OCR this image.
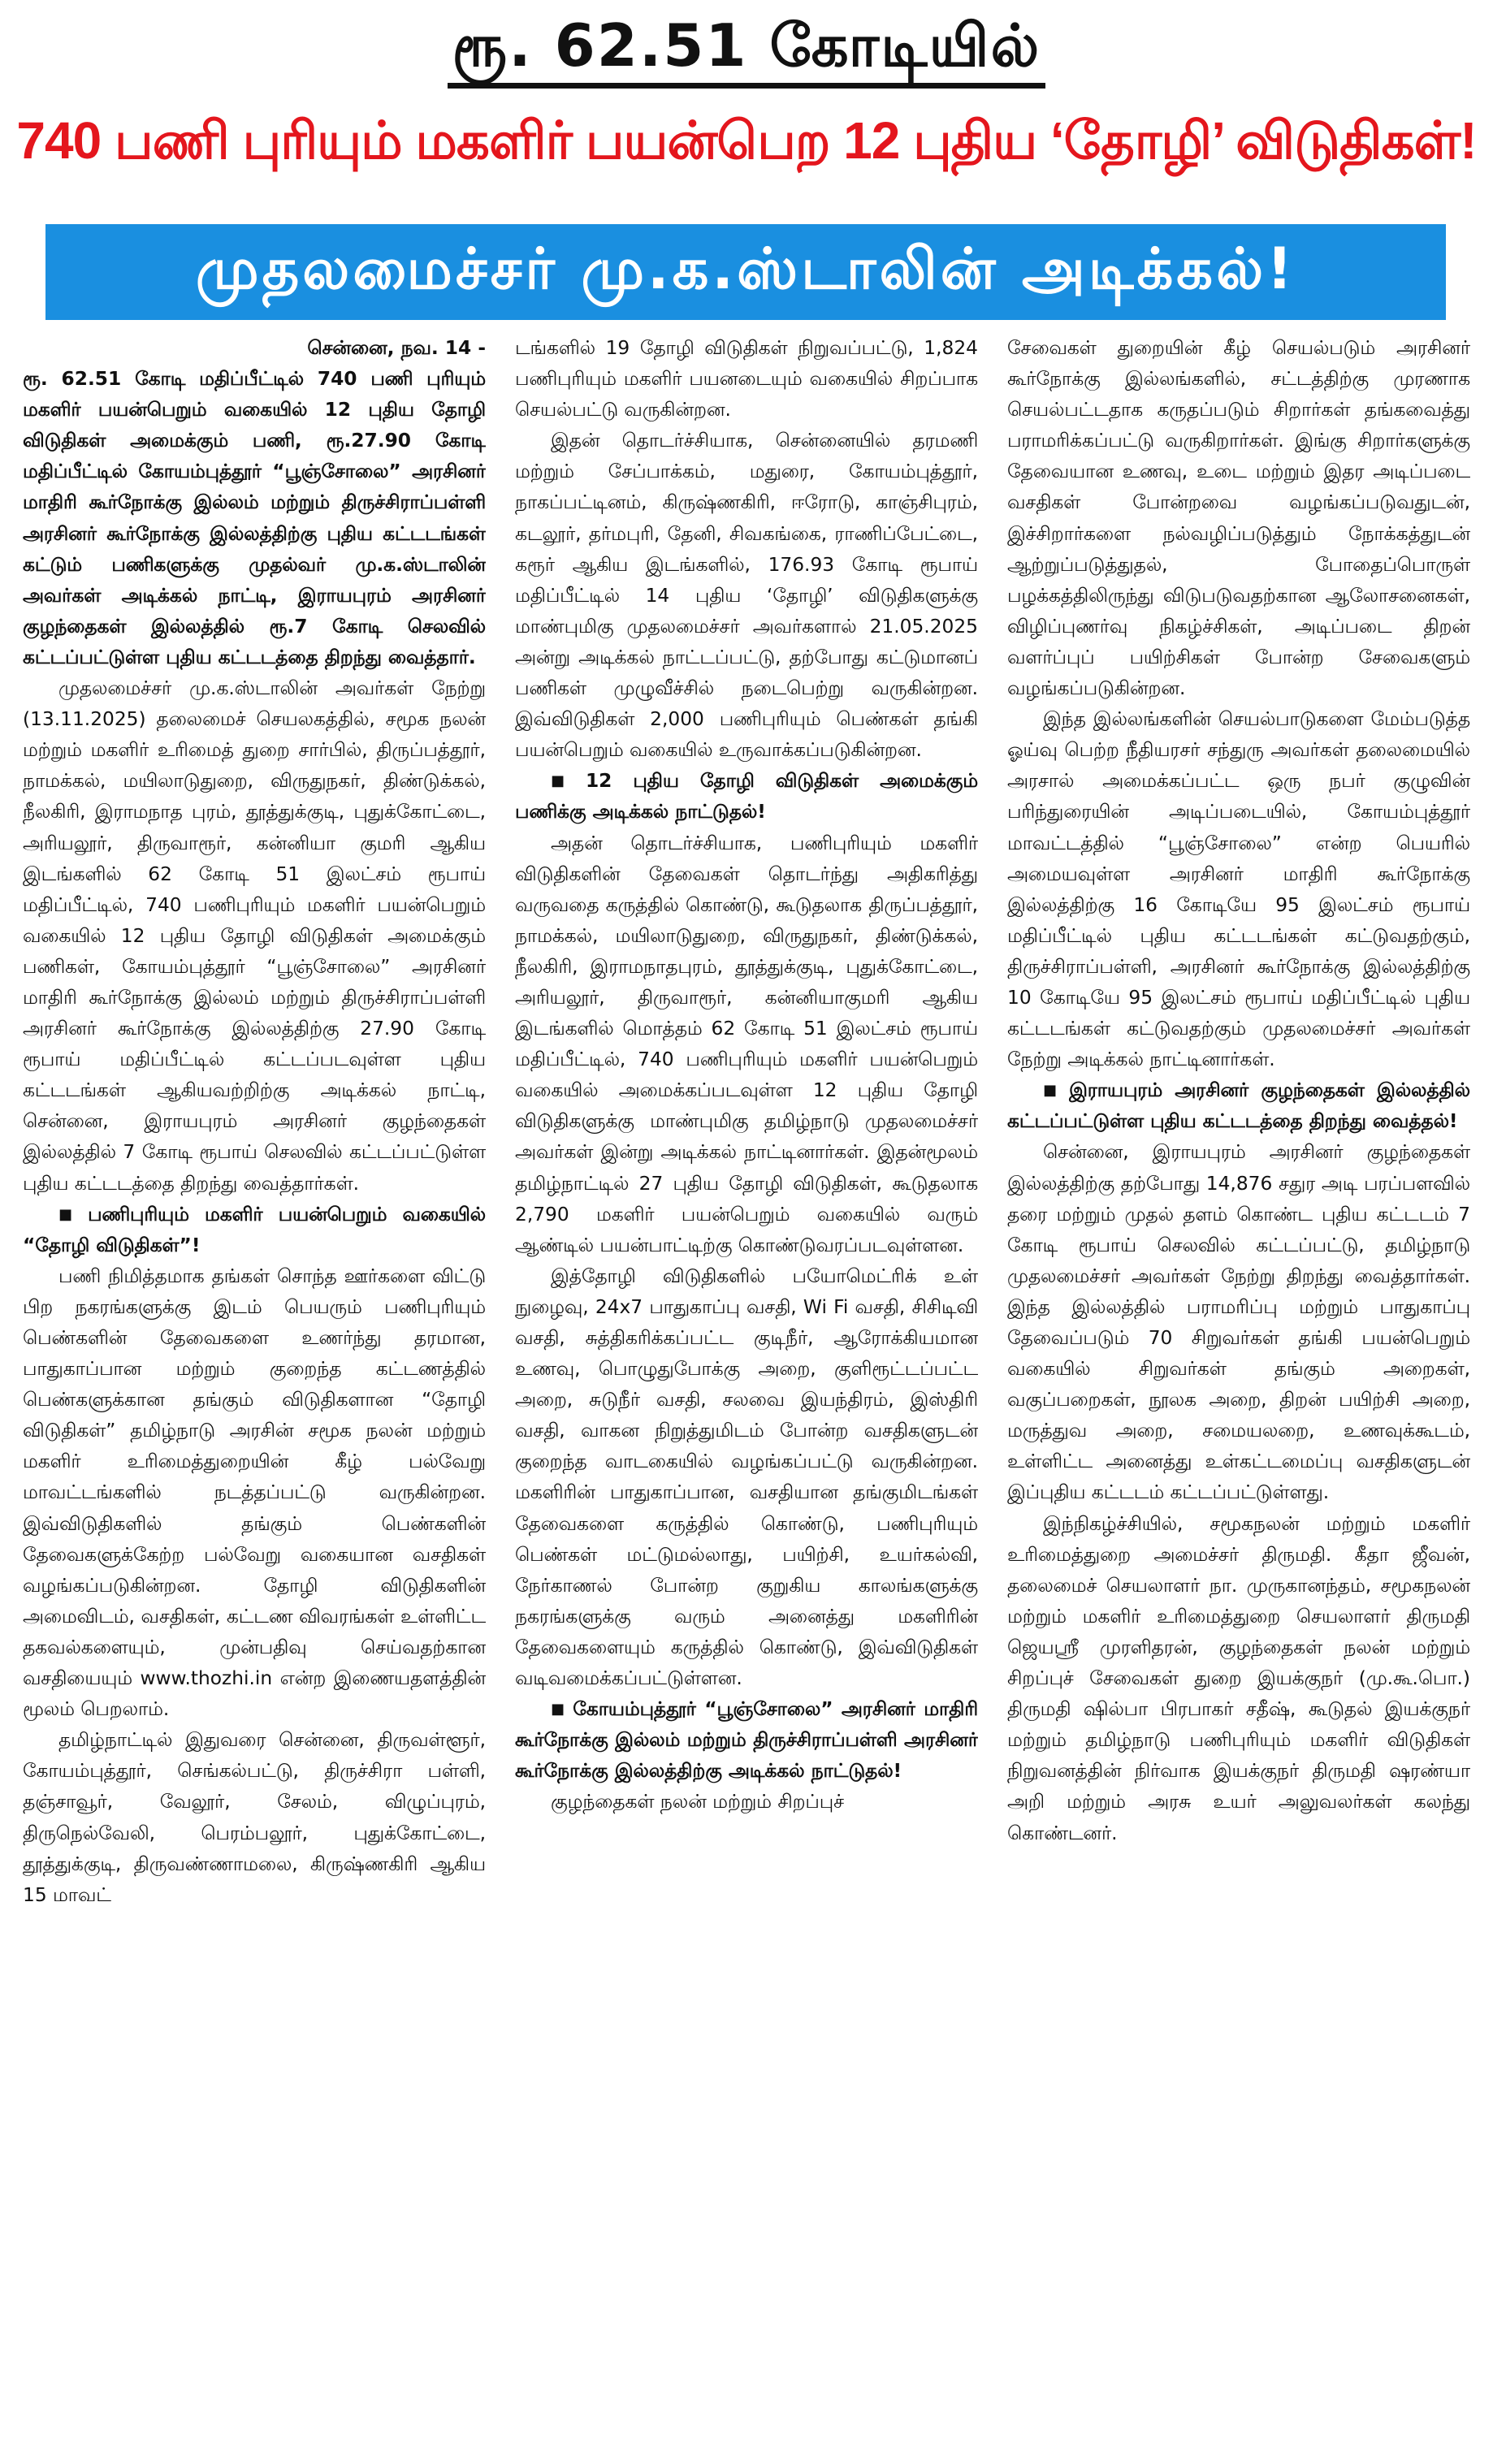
ரூ. 62.51 கோடியில்
740 பணி புரியும் மகளிர் பயன்பெற 12 புதிய ‘தோழி’ விடுதிகள்!
முதலமைச்சர் மு.க.ஸ்டாலின் அடிக்கல்!

சென்னை, நவ. 14 -

ரூ. 62.51 கோடி மதிப்பீட்டில் 740 பணி புரியும் மகளிர் பயன்பெறும் வகையில் 12 புதிய தோழி விடுதிகள் அமைக்கும் பணி, ரூ.27.90 கோடி மதிப்பீட்டில் கோயம்புத்தூர் “பூஞ்சோலை” அரசினர் மாதிரி கூர்நோக்கு இல்லம் மற்றும் திருச்சிராப்பள்ளி அரசினர் கூர்நோக்கு இல்லத்திற்கு புதிய கட்டடங்கள் கட்டும் பணிகளுக்கு முதல்வர் மு.க.ஸ்டாலின் அவர்கள் அடிக்கல் நாட்டி, இராயபுரம் அரசினர் குழந்தைகள் இல்லத்தில் ரூ.7 கோடி செலவில் கட்டப்பட்டுள்ள புதிய கட்டடத்தை திறந்து வைத்தார்.

முதலமைச்சர் மு.க.ஸ்டாலின் அவர்கள் நேற்று (13.11.2025) தலைமைச் செயலகத்தில், சமூக நலன் மற்றும் மகளிர் உரிமைத் துறை சார்பில், திருப்பத்தூர், நாமக்கல், மயிலாடுதுறை, விருதுநகர், திண்டுக்கல், நீலகிரி, இராமநாத புரம், தூத்துக்குடி, புதுக்கோட்டை, அரியலூர், திருவாரூர், கன்னியா குமரி ஆகிய இடங்களில் 62 கோடி 51 இலட்சம் ரூபாய் மதிப்பீட்டில், 740 பணிபுரியும் மகளிர் பயன்பெறும் வகையில் 12 புதிய தோழி விடுதிகள் அமைக்கும் பணிகள், கோயம்புத்தூர் “பூஞ்சோலை” அரசினர் மாதிரி கூர்நோக்கு இல்லம் மற்றும் திருச்சிராப்பள்ளி அரசினர் கூர்நோக்கு இல்லத்திற்கு 27.90 கோடி ரூபாய் மதிப்பீட்டில் கட்டப்படவுள்ள புதிய கட்டடங்கள் ஆகியவற்றிற்கு அடிக்கல் நாட்டி, சென்னை, இராயபுரம் அரசினர் குழந்தைகள் இல்லத்தில் 7 கோடி ரூபாய் செலவில் கட்டப்பட்டுள்ள புதிய கட்டடத்தை திறந்து வைத்தார்கள்.

■ பணிபுரியும் மகளிர் பயன்பெறும் வகையில் “தோழி விடுதிகள்”!

பணி நிமித்தமாக தங்கள் சொந்த ஊர்களை விட்டு பிற நகரங்களுக்கு இடம் பெயரும் பணிபுரியும் பெண்களின் தேவைகளை உணர்ந்து தரமான, பாதுகாப்பான மற்றும் குறைந்த கட்டணத்தில் பெண்களுக்கான தங்கும் விடுதிகளான “தோழி விடுதிகள்” தமிழ்நாடு அரசின் சமூக நலன் மற்றும் மகளிர் உரிமைத்துறையின் கீழ் பல்வேறு மாவட்டங்களில் நடத்தப்பட்டு வருகின்றன. இவ்விடுதிகளில் தங்கும் பெண்களின் தேவைகளுக்கேற்ற பல்வேறு வகையான வசதிகள் வழங்கப்படுகின்றன. தோழி விடுதிகளின் அமைவிடம், வசதிகள், கட்டண விவரங்கள் உள்ளிட்ட தகவல்களையும், முன்பதிவு செய்வதற்கான வசதியையும் www.thozhi.in என்ற இணையதளத்தின் மூலம் பெறலாம்.

தமிழ்நாட்டில் இதுவரை சென்னை, திருவள்ளூர், கோயம்புத்தூர், செங்கல்பட்டு, திருச்சிரா பள்ளி, தஞ்சாவூர், வேலூர், சேலம், விழுப்புரம், திருநெல்வேலி, பெரம்பலூர், புதுக்கோட்டை, தூத்துக்குடி, திருவண்ணாமலை, கிருஷ்ணகிரி ஆகிய 15 மாவட்

டங்களில் 19 தோழி விடுதிகள் நிறுவப்பட்டு, 1,824 பணிபுரியும் மகளிர் பயனடையும் வகையில் சிறப்பாக செயல்பட்டு வருகின்றன.

இதன் தொடர்ச்சியாக, சென்னையில் தரமணி மற்றும் சேப்பாக்கம், மதுரை, கோயம்புத்தூர், நாகப்பட்டினம், கிருஷ்ணகிரி, ஈரோடு, காஞ்சிபுரம், கடலூர், தர்மபுரி, தேனி, சிவகங்கை, ராணிப்பேட்டை, கரூர் ஆகிய இடங்களில், 176.93 கோடி ரூபாய் மதிப்பீட்டில் 14 புதிய ‘தோழி’ விடுதிகளுக்கு மாண்புமிகு முதலமைச்சர் அவர்களால் 21.05.2025 அன்று அடிக்கல் நாட்டப்பட்டு, தற்போது கட்டுமானப் பணிகள் முழுவீச்சில் நடைபெற்று வருகின்றன. இவ்விடுதிகள் 2,000 பணிபுரியும் பெண்கள் தங்கி பயன்பெறும் வகையில் உருவாக்கப்படுகின்றன.

■ 12 புதிய தோழி விடுதிகள் அமைக்கும் பணிக்கு அடிக்கல் நாட்டுதல்!

அதன் தொடர்ச்சியாக, பணிபுரியும் மகளிர் விடுதிகளின் தேவைகள் தொடர்ந்து அதிகரித்து வருவதை கருத்தில் கொண்டு, கூடுதலாக திருப்பத்தூர், நாமக்கல், மயிலாடுதுறை, விருதுநகர், திண்டுக்கல், நீலகிரி, இராமநாதபுரம், தூத்துக்குடி, புதுக்கோட்டை, அரியலூர், திருவாரூர், கன்னியாகுமரி ஆகிய இடங்களில் மொத்தம் 62 கோடி 51 இலட்சம் ரூபாய் மதிப்பீட்டில், 740 பணிபுரியும் மகளிர் பயன்பெறும் வகையில் அமைக்கப்படவுள்ள 12 புதிய தோழி விடுதிகளுக்கு மாண்புமிகு தமிழ்நாடு முதலமைச்சர் அவர்கள் இன்று அடிக்கல் நாட்டினார்கள். இதன்மூலம் தமிழ்நாட்டில் 27 புதிய தோழி விடுதிகள், கூடுதலாக 2,790 மகளிர் பயன்பெறும் வகையில் வரும் ஆண்டில் பயன்பாட்டிற்கு கொண்டுவரப்படவுள்ளன.

இத்தோழி விடுதிகளில் பயோமெட்ரிக் உள் நுழைவு, 24x7 பாதுகாப்பு வசதி, Wi Fi வசதி, சிசிடிவி வசதி, சுத்திகரிக்கப்பட்ட குடிநீர், ஆரோக்கியமான உணவு, பொழுதுபோக்கு அறை, குளிரூட்டப்பட்ட அறை, சுடுநீர் வசதி, சலவை இயந்திரம், இஸ்திரி வசதி, வாகன நிறுத்துமிடம் போன்ற வசதிகளுடன் குறைந்த வாடகையில் வழங்கப்பட்டு வருகின்றன. மகளிரின் பாதுகாப்பான, வசதியான தங்குமிடங்கள் தேவைகளை கருத்தில் கொண்டு, பணிபுரியும் பெண்கள் மட்டுமல்லாது, பயிற்சி, உயர்கல்வி, நேர்காணல் போன்ற குறுகிய காலங்களுக்கு நகரங்களுக்கு வரும் அனைத்து மகளிரின் தேவைகளையும் கருத்தில் கொண்டு, இவ்விடுதிகள் வடிவமைக்கப்பட்டுள்ளன.

■ கோயம்புத்தூர் “பூஞ்சோலை” அரசினர் மாதிரி கூர்நோக்கு இல்லம் மற்றும் திருச்சிராப்பள்ளி அரசினர் கூர்நோக்கு இல்லத்திற்கு அடிக்கல் நாட்டுதல்!

குழந்தைகள் நலன் மற்றும் சிறப்புச்

சேவைகள் துறையின் கீழ் செயல்படும் அரசினர் கூர்நோக்கு இல்லங்களில், சட்டத்திற்கு முரணாக செயல்பட்டதாக கருதப்படும் சிறார்கள் தங்கவைத்து பராமரிக்கப்பட்டு வருகிறார்கள். இங்கு சிறார்களுக்கு தேவையான உணவு, உடை மற்றும் இதர அடிப்படை வசதிகள் போன்றவை வழங்கப்படுவதுடன், இச்சிறார்களை நல்வழிப்படுத்தும் நோக்கத்துடன் ஆற்றுப்படுத்துதல், போதைப்பொருள் பழக்கத்திலிருந்து விடுபடுவதற்கான ஆலோசனைகள், விழிப்புணர்வு நிகழ்ச்சிகள், அடிப்படை திறன் வளர்ப்புப் பயிற்சிகள் போன்ற சேவைகளும் வழங்கப்படுகின்றன.

இந்த இல்லங்களின் செயல்பாடுகளை மேம்படுத்த ஓய்வு பெற்ற நீதியரசர் சந்துரு அவர்கள் தலைமையில் அரசால் அமைக்கப்பட்ட ஒரு நபர் குழுவின் பரிந்துரையின் அடிப்படையில், கோயம்புத்தூர் மாவட்டத்தில் “பூஞ்சோலை” என்ற பெயரில் அமையவுள்ள அரசினர் மாதிரி கூர்நோக்கு இல்லத்திற்கு 16 கோடியே 95 இலட்சம் ரூபாய் மதிப்பீட்டில் புதிய கட்டடங்கள் கட்டுவதற்கும், திருச்சிராப்பள்ளி, அரசினர் கூர்நோக்கு இல்லத்திற்கு 10 கோடியே 95 இலட்சம் ரூபாய் மதிப்பீட்டில் புதிய கட்டடங்கள் கட்டுவதற்கும் முதலமைச்சர் அவர்கள் நேற்று அடிக்கல் நாட்டினார்கள்.

■ இராயபுரம் அரசினர் குழந்தைகள் இல்லத்தில் கட்டப்பட்டுள்ள புதிய கட்டடத்தை திறந்து வைத்தல்!

சென்னை, இராயபுரம் அரசினர் குழந்தைகள் இல்லத்திற்கு தற்போது 14,876 சதுர அடி பரப்பளவில் தரை மற்றும் முதல் தளம் கொண்ட புதிய கட்டடம் 7 கோடி ரூபாய் செலவில் கட்டப்பட்டு, தமிழ்நாடு முதலமைச்சர் அவர்கள் நேற்று திறந்து வைத்தார்கள். இந்த இல்லத்தில் பராமரிப்பு மற்றும் பாதுகாப்பு தேவைப்படும் 70 சிறுவர்கள் தங்கி பயன்பெறும் வகையில் சிறுவர்கள் தங்கும் அறைகள், வகுப்பறைகள், நூலக அறை, திறன் பயிற்சி அறை, மருத்துவ அறை, சமையலறை, உணவுக்கூடம், உள்ளிட்ட அனைத்து உள்கட்டமைப்பு வசதிகளுடன் இப்புதிய கட்டடம் கட்டப்பட்டுள்ளது.

இந்நிகழ்ச்சியில், சமூகநலன் மற்றும் மகளிர் உரிமைத்துறை அமைச்சர் திருமதி. கீதா ஜீவன், தலைமைச் செயலாளர் நா. முருகானந்தம், சமூகநலன் மற்றும் மகளிர் உரிமைத்துறை செயலாளர் திருமதி ஜெயஸ்ரீ முரளிதரன், குழந்தைகள் நலன் மற்றும் சிறப்புச் சேவைகள் துறை இயக்குநர் (மு.கூ.பொ.) திருமதி ஷில்பா பிரபாகர் சதீஷ், கூடுதல் இயக்குநர் மற்றும் தமிழ்நாடு பணிபுரியும் மகளிர் விடுதிகள் நிறுவனத்தின் நிர்வாக இயக்குநர் திருமதி ஷரண்யா அறி மற்றும் அரசு உயர் அலுவலர்கள் கலந்து கொண்டனர்.
